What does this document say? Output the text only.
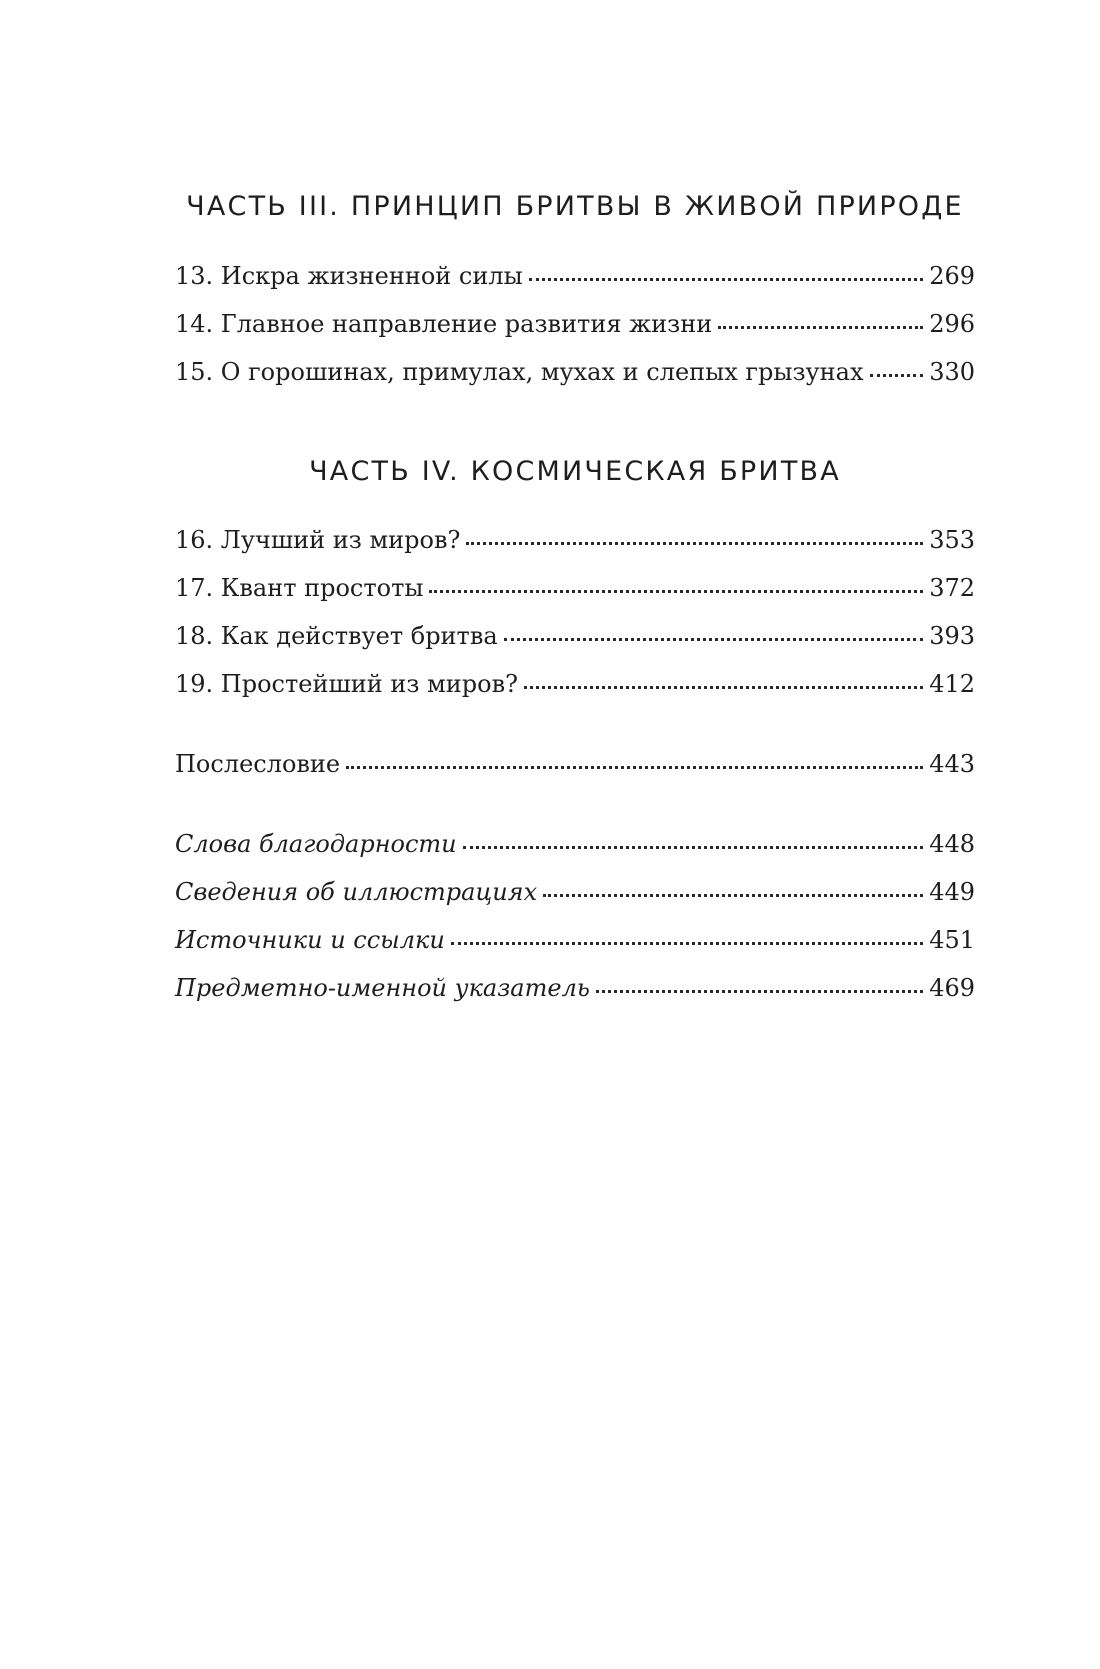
ЧАСТЬ III. ПРИНЦИП БРИТВЫ В ЖИВОЙ ПРИРОДЕ
13. Искра жизненной силы	269
14. Главное направление развития жизни	296
15. О горошинах, примулах, мухах и слепых грызунах	330
ЧАСТЬ IV. КОСМИЧЕСКАЯ БРИТВА
16. Лучший из миров?	353
17. Квант простоты	372
18. Как действует бритва	393
19. Простейший из миров?	412
Послесловие	443
Слова благодарности	448
Сведения об иллюстрациях	449
Источники и ссылки	451
Предметно-именной указатель	469
